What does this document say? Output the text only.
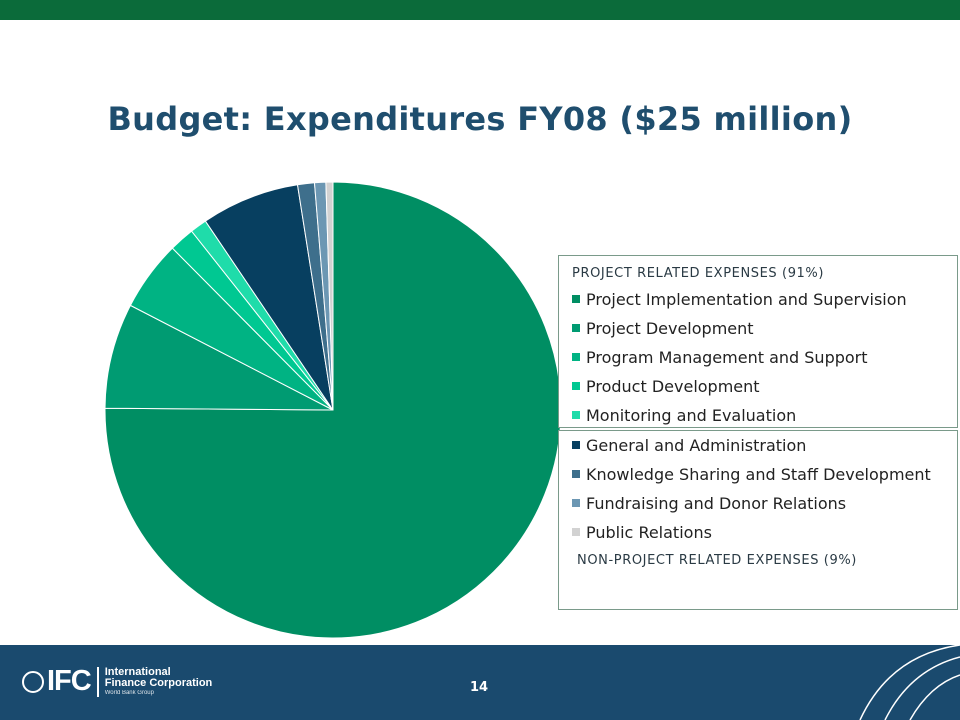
Budget: Expenditures FY08 ($25 million)
PROJECT RELATED EXPENSES (91%)
Project Implementation and Supervision
Project Development
Program Management and Support
Product Development
Monitoring and Evaluation
NON-PROJECT RELATED EXPENSES (9%)
General and Administration
Knowledge Sharing and Staff Development
Fundraising and Donor Relations
Public Relations
IFC International
Finance Corporation
World Bank Group	14
